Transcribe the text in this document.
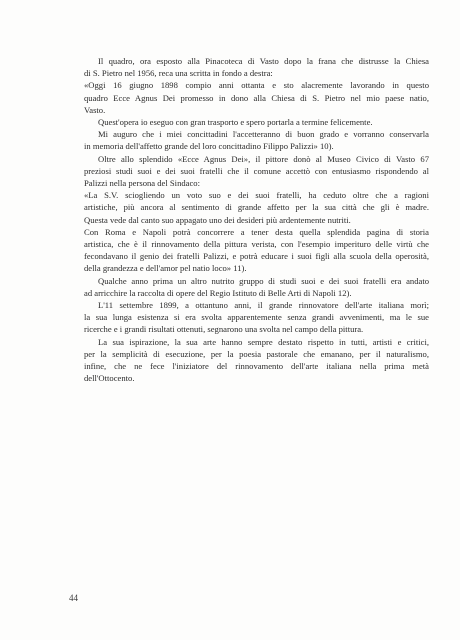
Il quadro, ora esposto alla Pinacoteca di Vasto dopo la frana che distrusse la Chiesa
di S. Pietro nel 1956, reca una scritta in fondo a destra:
«Oggi 16 giugno 1898 compio anni ottanta e sto alacremente lavorando in questo
quadro Ecce Agnus Dei promesso in dono alla Chiesa di S. Pietro nel mio paese natio,
Vasto.
Quest'opera io eseguo con gran trasporto e spero portarla a termine felicemente.
Mi auguro che i miei concittadini l'accetteranno di buon grado e vorranno conservarla
in memoria dell'affetto grande del loro concittadino Filippo Palizzi» 10).
Oltre allo splendido «Ecce Agnus Dei», il pittore donò al Museo Civico di Vasto 67
preziosi studi suoi e dei suoi fratelli che il comune accettò con entusiasmo rispondendo al
Palizzi nella persona del Sindaco:
«La S.V. sciogliendo un voto suo e dei suoi fratelli, ha ceduto oltre che a ragioni
artistiche, più ancora al sentimento di grande affetto per la sua città che gli è madre.
Questa vede dal canto suo appagato uno dei desideri più ardentemente nutriti.
Con Roma e Napoli potrà concorrere a tener desta quella splendida pagina di storia
artistica, che è il rinnovamento della pittura verista, con l'esempio imperituro delle virtù che
fecondavano il genio dei fratelli Palizzi, e potrà educare i suoi figli alla scuola della operosità,
della grandezza e dell'amor pel natio loco» 11).
Qualche anno prima un altro nutrito gruppo di studi suoi e dei suoi fratelli era andato
ad arricchire la raccolta di opere del Regio Istituto di Belle Arti di Napoli 12).
L'11 settembre 1899, a ottantuno anni, il grande rinnovatore dell'arte italiana morì;
la sua lunga esistenza si era svolta apparentemente senza grandi avvenimenti, ma le sue
ricerche e i grandi risultati ottenuti, segnarono una svolta nel campo della pittura.
La sua ispirazione, la sua arte hanno sempre destato rispetto in tutti, artisti e critici,
per la semplicità di esecuzione, per la poesia pastorale che emanano, per il naturalismo,
infine, che ne fece l'iniziatore del rinnovamento dell'arte italiana nella prima metà
dell'Ottocento.
44
